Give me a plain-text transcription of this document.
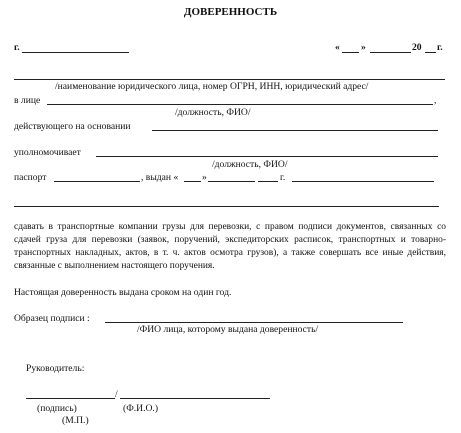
ДОВЕРЕННОСТЬ
г.	« »	20 г.
/наименование юридического лица, номер ОГРН, ИНН, юридический адрес/
в лице	,
/должность, ФИО/
действующего на основании
уполномочивает
/должность, ФИО/
паспорт	, выдан « »	г.
сдавать в транспортные компании грузы для перевозки, с правом подписи документов, связанных со сдачей груза для перевозки (заявок, поручений, экспедиторских расписок, транспортных и товарно-транспортных накладных, актов, в т. ч. актов осмотра грузов), а также совершать все иные действия, связанные с выполнением настоящего поручения.
Настоящая доверенность выдана сроком на один год.
Образец подписи :
/ФИО лица, которому выдана доверенность/
Руководитель:
/
(подпись)	(Ф.И.О.)
(М.П.)
